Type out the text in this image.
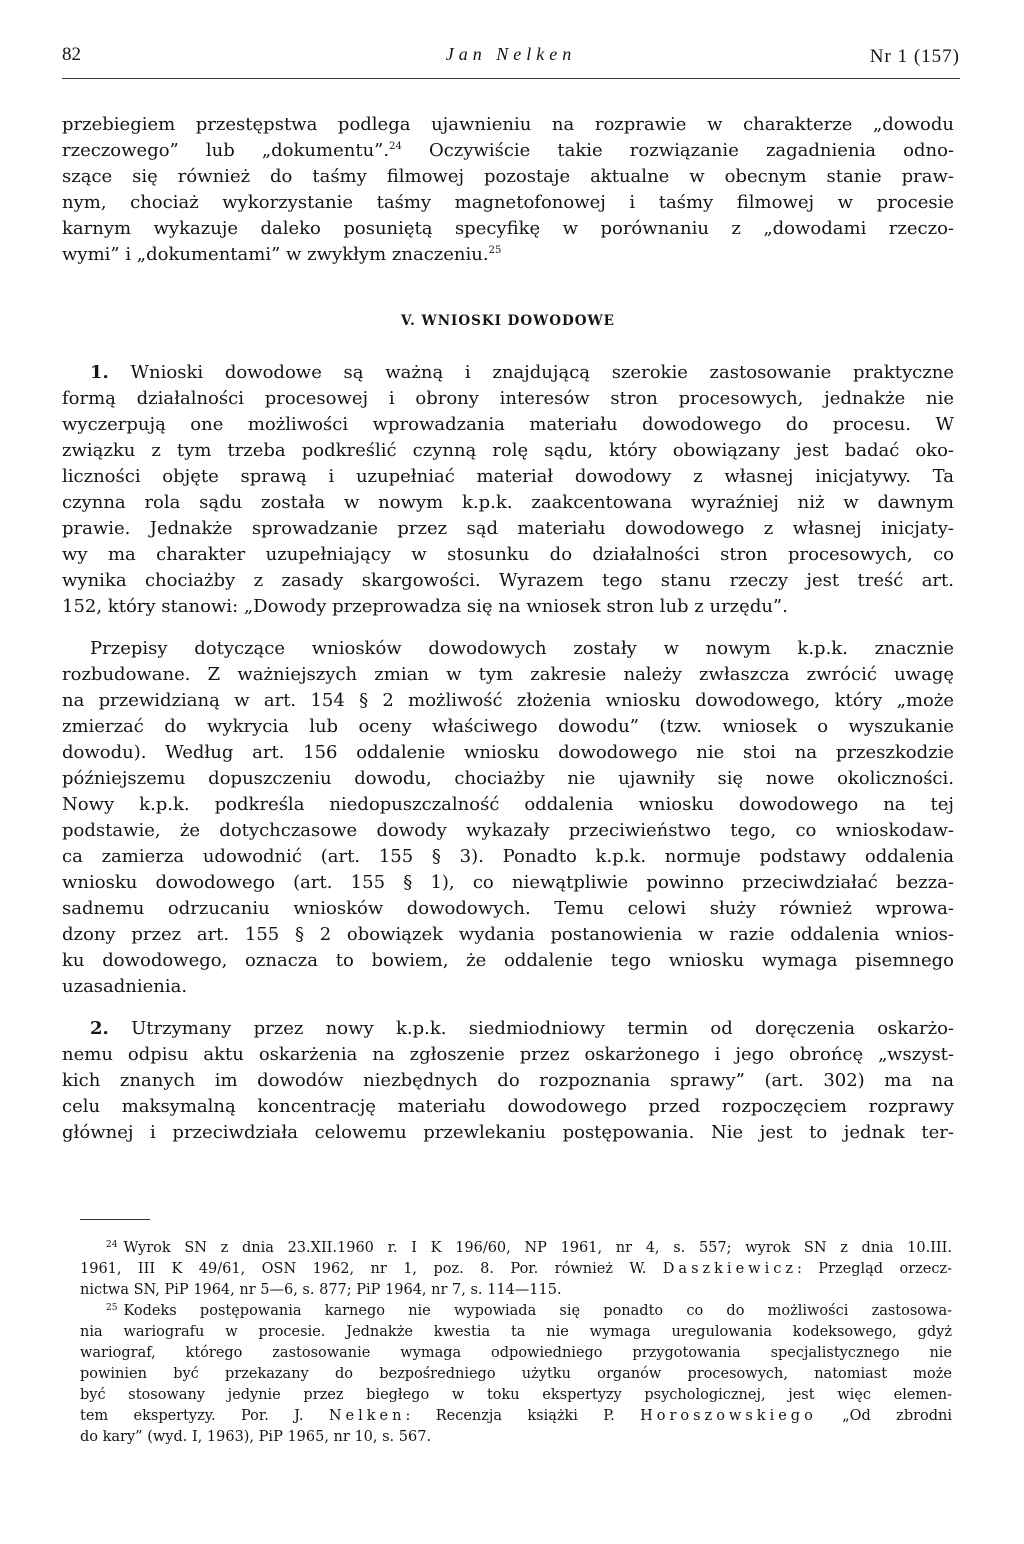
82	Jan Nelken	Nr 1 (157)

przebiegiem przestępstwa podlega ujawnieniu na rozprawie w charakterze „dowodu

rzeczowego” lub „dokumentu”.$^{24}$ Oczywiście takie rozwiązanie zagadnienia odno-

szące się również do taśmy filmowej pozostaje aktualne w obecnym stanie praw-

nym, chociaż wykorzystanie taśmy magnetofonowej i taśmy filmowej w procesie

karnym wykazuje daleko posuniętą specyfikę w porównaniu z „dowodami rzeczo-

wymi” i „dokumentami” w zwykłym znaczeniu.$^{25}$

V. WNIOSKI DOWODOWE

1. Wnioski dowodowe są ważną i znajdującą szerokie zastosowanie praktyczne

formą działalności procesowej i obrony interesów stron procesowych, jednakże nie

wyczerpują one możliwości wprowadzania materiału dowodowego do procesu. W

związku z tym trzeba podkreślić czynną rolę sądu, który obowiązany jest badać oko-

liczności objęte sprawą i uzupełniać materiał dowodowy z własnej inicjatywy. Ta

czynna rola sądu została w nowym k.p.k. zaakcentowana wyraźniej niż w dawnym

prawie. Jednakże sprowadzanie przez sąd materiału dowodowego z własnej inicjaty-

wy ma charakter uzupełniający w stosunku do działalności stron procesowych, co

wynika chociażby z zasady skargowości. Wyrazem tego stanu rzeczy jest treść art.

152, który stanowi: „Dowody przeprowadza się na wniosek stron lub z urzędu”.

Przepisy dotyczące wniosków dowodowych zostały w nowym k.p.k. znacznie

rozbudowane. Z ważniejszych zmian w tym zakresie należy zwłaszcza zwrócić uwagę

na przewidzianą w art. 154 § 2 możliwość złożenia wniosku dowodowego, który „może

zmierzać do wykrycia lub oceny właściwego dowodu” (tzw. wniosek o wyszukanie

dowodu). Według art. 156 oddalenie wniosku dowodowego nie stoi na przeszkodzie

późniejszemu dopuszczeniu dowodu, chociażby nie ujawniły się nowe okoliczności.

Nowy k.p.k. podkreśla niedopuszczalność oddalenia wniosku dowodowego na tej

podstawie, że dotychczasowe dowody wykazały przeciwieństwo tego, co wnioskodaw-

ca zamierza udowodnić (art. 155 § 3). Ponadto k.p.k. normuje podstawy oddalenia

wniosku dowodowego (art. 155 § 1), co niewątpliwie powinno przeciwdziałać bezza-

sadnemu odrzucaniu wniosków dowodowych. Temu celowi służy również wprowa-

dzony przez art. 155 § 2 obowiązek wydania postanowienia w razie oddalenia wnios-

ku dowodowego, oznacza to bowiem, że oddalenie tego wniosku wymaga pisemnego

uzasadnienia.

2. Utrzymany przez nowy k.p.k. siedmiodniowy termin od doręczenia oskarżo-

nemu odpisu aktu oskarżenia na zgłoszenie przez oskarżonego i jego obrońcę „wszyst-

kich znanych im dowodów niezbędnych do rozpoznania sprawy” (art. 302) ma na

celu maksymalną koncentrację materiału dowodowego przed rozpoczęciem rozprawy

głównej i przeciwdziała celowemu przewlekaniu postępowania. Nie jest to jednak ter-

$^{24}$ Wyrok SN z dnia 23.XII.1960 r. I K 196/60, NP 1961, nr 4, s. 557; wyrok SN z dnia 10.III.

1961, III K 49/61, OSN 1962, nr 1, poz. 8. Por. również W. Daszkiewicz: Przegląd orzecz-

nictwa SN, PiP 1964, nr 5—6, s. 877; PiP 1964, nr 7, s. 114—115.

$^{25}$ Kodeks postępowania karnego nie wypowiada się ponadto co do możliwości zastosowa-

nia wariografu w procesie. Jednakże kwestia ta nie wymaga uregulowania kodeksowego, gdyż

wariograf, którego zastosowanie wymaga odpowiedniego przygotowania specjalistycznego nie

powinien być przekazany do bezpośredniego użytku organów procesowych, natomiast może

być stosowany jedynie przez biegłego w toku ekspertyzy psychologicznej, jest więc elemen-

tem ekspertyzy. Por. J. Nelken: Recenzja książki P. Horoszowskiego „Od zbrodni

do kary” (wyd. I, 1963), PiP 1965, nr 10, s. 567.
